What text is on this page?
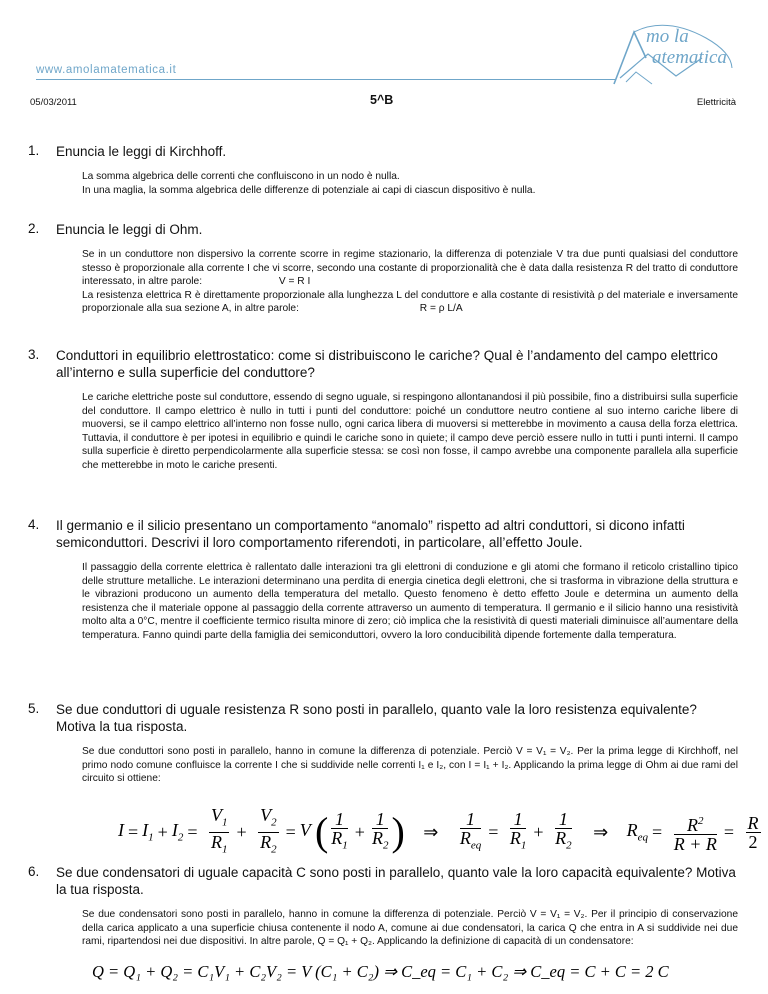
www.amolamatematica.it
mo la
atematica
05/03/2011	5^B	Elettricità
1. Enuncia le leggi di Kirchhoff.
La somma algebrica delle correnti che confluiscono in un nodo è nulla.
In una maglia, la somma algebrica delle differenze di potenziale ai capi di ciascun dispositivo è nulla.
2. Enuncia le leggi di Ohm.

Se in un conduttore non dispersivo la corrente scorre in regime stazionario, la differenza di potenziale V tra due punti qualsiasi del conduttore stesso è proporzionale alla corrente I che vi scorre, secondo una costante di proporzionalità che è data dalla resistenza R del tratto di conduttore interessato, in altre parole:	V = R I

La resistenza elettrica R è direttamente proporzionale alla lunghezza L del conduttore e alla costante di resistività ρ del materiale e inversamente proporzionale alla sua sezione A, in altre parole:	R = ρ L/A

3. Conduttori in equilibrio elettrostatico: come si distribuiscono le cariche? Qual è l’andamento del campo elettrico all’interno e sulla superficie del conduttore?

Le cariche elettriche poste sul conduttore, essendo di segno uguale, si respingono allontanandosi il più possibile, fino a distribuirsi sulla superficie del conduttore. Il campo elettrico è nullo in tutti i punti del conduttore: poiché un conduttore neutro contiene al suo interno cariche libere di muoversi, se il campo elettrico all’interno non fosse nullo, ogni carica libera di muoversi si metterebbe in movimento a causa della forza elettrica. Tuttavia, il conduttore è per ipotesi in equilibrio e quindi le cariche sono in quiete; il campo deve perciò essere nullo in tutti i punti interni. Il campo sulla superficie è diretto perpendicolarmente alla superficie stessa: se così non fosse, il campo avrebbe una componente parallela alla superficie che metterebbe in moto le cariche presenti.

4. Il germanio e il silicio presentano un comportamento “anomalo” rispetto ad altri conduttori, si dicono infatti semiconduttori. Descrivi il loro comportamento riferendoti, in particolare, all’effetto Joule.

Il passaggio della corrente elettrica è rallentato dalle interazioni tra gli elettroni di conduzione e gli atomi che formano il reticolo cristallino tipico delle strutture metalliche. Le interazioni determinano una perdita di energia cinetica degli elettroni, che si trasforma in vibrazione della struttura e le vibrazioni producono un aumento della temperatura del metallo. Questo fenomeno è detto effetto Joule e determina un aumento della resistenza che il materiale oppone al passaggio della corrente attraverso un aumento di temperatura. Il germanio e il silicio hanno una resistività molto alta a 0°C, mentre il coefficiente termico risulta minore di zero; ciò implica che la resistività di questi materiali diminuisce all’aumentare della temperatura. Fanno quindi parte della famiglia dei semiconduttori, ovvero la loro conducibilità dipende fortemente dalla temperatura.

5. Se due conduttori di uguale resistenza R sono posti in parallelo, quanto vale la loro resistenza equivalente? Motiva la tua risposta.

Se due conduttori sono posti in parallelo, hanno in comune la differenza di potenziale. Perciò V = V₁ = V₂. Per la prima legge di Kirchhoff, nel primo nodo comune confluisce la corrente I che si suddivide nelle correnti I₁ e I₂, con I = I₁ + I₂. Applicando la prima legge di Ohm ai due rami del circuito si ottiene:

$I = I_1 + I_2 = \frac{V_1}{R_1} + \frac{V_2}{R_2} = V$ ( $\frac{1}{R_1} + \frac{1}{R_2}$ ) ⇒ $\frac{1}{R_{eq}} = \frac{1}{R_1} + \frac{1}{R_2}$ ⇒ $R_{eq} = \frac{R^2}{R + R} = \frac{R}{2}$
6. Se due condensatori di uguale capacità C sono posti in parallelo, quanto vale la loro capacità equivalente? Motiva la tua risposta.

Se due condensatori sono posti in parallelo, hanno in comune la differenza di potenziale. Perciò V = V₁ = V₂. Per il principio di conservazione della carica applicato a una superficie chiusa contenente il nodo A, comune ai due condensatori, la carica Q che entra in A si suddivide nei due rami, ripartendosi nei due dispositivi. In altre parole, Q = Q₁ + Q₂. Applicando la definizione di capacità di un condensatore:

Q = Q₁ + Q₂ = C₁V₁ + C₂V₂ = V (C₁ + C₂) ⇒ C_eq = C₁ + C₂ ⇒ C_eq = C + C = 2 C
